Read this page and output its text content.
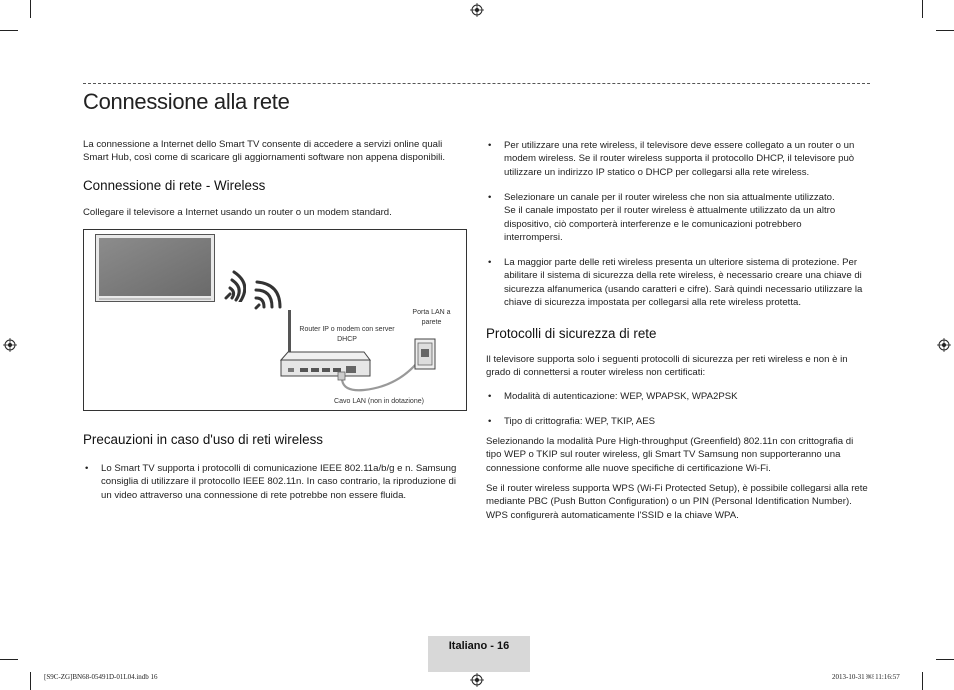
Connessione alla rete
La connessione a Internet dello Smart TV consente di accedere a servizi online quali Smart Hub, così come di scaricare gli aggiornamenti software non appena disponibili.
Connessione di rete - Wireless
Collegare il televisore a Internet usando un router o un modem standard.
Router IP o modem con server
DHCP
Porta LAN a
parete
Cavo LAN (non in dotazione)
Precauzioni in caso d'uso di reti wireless
• Lo Smart TV supporta i protocolli di comunicazione IEEE 802.11a/b/g e n. Samsung consiglia di utilizzare il protocollo IEEE 802.11n. In caso contrario, la riproduzione di un video attraverso una connessione di rete potrebbe non essere fluida.
• Per utilizzare una rete wireless, il televisore deve essere collegato a un router o un modem wireless. Se il router wireless supporta il protocollo DHCP, il televisore può utilizzare un indirizzo IP statico o DHCP per collegarsi alla rete wireless.
• Selezionare un canale per il router wireless che non sia attualmente utilizzato. Se il canale impostato per il router wireless è attualmente utilizzato da un altro dispositivo, ciò comporterà interferenze e le comunicazioni potrebbero interrompersi.
• La maggior parte delle reti wireless presenta un ulteriore sistema di protezione. Per abilitare il sistema di sicurezza della rete wireless, è necessario creare una chiave di sicurezza alfanumerica (usando caratteri e cifre). Sarà quindi necessario utilizzare la chiave di sicurezza impostata per collegarsi alla rete wireless protetta.
Protocolli di sicurezza di rete
Il televisore supporta solo i seguenti protocolli di sicurezza per reti wireless e non è in grado di connettersi a router wireless non certificati:
• Modalità di autenticazione: WEP, WPAPSK, WPA2PSK
• Tipo di crittografia: WEP, TKIP, AES
Selezionando la modalità Pure High-throughput (Greenfield) 802.11n con crittografia di tipo WEP o TKIP sul router wireless, gli Smart TV Samsung non supporteranno una connessione conforme alle nuove specifiche di certificazione Wi-Fi.
Se il router wireless supporta WPS (Wi-Fi Protected Setup), è possibile collegarsi alla rete mediante PBC (Push Button Configuration) o un PIN (Personal Identification Number). WPS configurerà automaticamente l'SSID e la chiave WPA.
Italiano - 16
[S9C-ZG]BN68-05491D-01L04.indb 16	2013-10-31 ￼ 11:16:57
